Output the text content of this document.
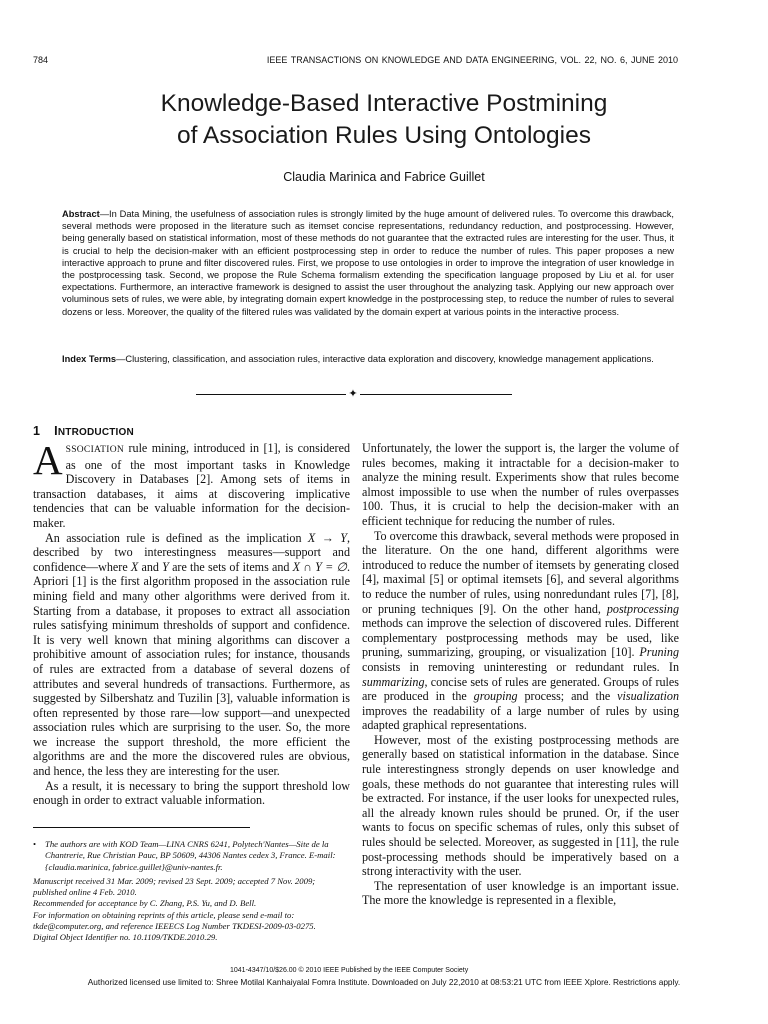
784	IEEE TRANSACTIONS ON KNOWLEDGE AND DATA ENGINEERING, VOL. 22, NO. 6, JUNE 2010
Knowledge-Based Interactive Postmining
of Association Rules Using Ontologies
Claudia Marinica and Fabrice Guillet
Abstract—In Data Mining, the usefulness of association rules is strongly limited by the huge amount of delivered rules. To overcome this drawback, several methods were proposed in the literature such as itemset concise representations, redundancy reduction, and postprocessing. However, being generally based on statistical information, most of these methods do not guarantee that the extracted rules are interesting for the user. Thus, it is crucial to help the decision-maker with an efficient postprocessing step in order to reduce the number of rules. This paper proposes a new interactive approach to prune and filter discovered rules. First, we propose to use ontologies in order to improve the integration of user knowledge in the postprocessing task. Second, we propose the Rule Schema formalism extending the specification language proposed by Liu et al. for user expectations. Furthermore, an interactive framework is designed to assist the user throughout the analyzing task. Applying our new approach over voluminous sets of rules, we were able, by integrating domain expert knowledge in the postprocessing step, to reduce the number of rules to several dozens or less. Moreover, the quality of the filtered rules was validated by the domain expert at various points in the interactive process.
Index Terms—Clustering, classification, and association rules, interactive data exploration and discovery, knowledge management applications.
✦
1 INTRODUCTION

ASSOCIATION rule mining, introduced in [1], is considered as one of the most important tasks in Knowledge Discovery in Databases [2]. Among sets of items in transaction databases, it aims at discovering implicative tendencies that can be valuable information for the decision-maker.

An association rule is defined as the implication X → Y, described by two interestingness measures—support and confidence—where X and Y are the sets of items and X ∩ Y = ∅. Apriori [1] is the first algorithm proposed in the association rule mining field and many other algorithms were derived from it. Starting from a database, it proposes to extract all association rules satisfying minimum thresholds of support and confidence. It is very well known that mining algorithms can discover a prohibitive amount of association rules; for instance, thousands of rules are extracted from a database of several dozens of attributes and several hundreds of transactions. Furthermore, as suggested by Silbershatz and Tuzilin [3], valuable information is often represented by those rare—low support—and unexpected association rules which are surprising to the user. So, the more we increase the support threshold, the more efficient the algorithms are and the more the discovered rules are obvious, and hence, the less they are interesting for the user.

As a result, it is necessary to bring the support threshold low enough in order to extract valuable information.

• The authors are with KOD Team—LINA CNRS 6241, Polytech'Nantes—Site de la Chantrerie, Rue Christian Pauc, BP 50609, 44306 Nantes cedex 3, France. E-mail: {claudia.marinica, fabrice.guillet}@univ-nantes.fr.

Manuscript received 31 Mar. 2009; revised 23 Sept. 2009; accepted 7 Nov. 2009; published online 4 Feb. 2010.

Recommended for acceptance by C. Zhang, P.S. Yu, and D. Bell.

For information on obtaining reprints of this article, please send e-mail to: tkde@computer.org, and reference IEEECS Log Number TKDESI-2009-03-0275.

Digital Object Identifier no. 10.1109/TKDE.2010.29.

Unfortunately, the lower the support is, the larger the volume of rules becomes, making it intractable for a decision-maker to analyze the mining result. Experiments show that rules become almost impossible to use when the number of rules overpasses 100. Thus, it is crucial to help the decision-maker with an efficient technique for reducing the number of rules.

To overcome this drawback, several methods were proposed in the literature. On the one hand, different algorithms were introduced to reduce the number of itemsets by generating closed [4], maximal [5] or optimal itemsets [6], and several algorithms to reduce the number of rules, using nonredundant rules [7], [8], or pruning techniques [9]. On the other hand, postprocessing methods can improve the selection of discovered rules. Different complementary postprocessing methods may be used, like pruning, summarizing, grouping, or visualization [10]. Pruning consists in removing uninteresting or redundant rules. In summarizing, concise sets of rules are generated. Groups of rules are produced in the grouping process; and the visualization improves the readability of a large number of rules by using adapted graphical representations.

However, most of the existing postprocessing methods are generally based on statistical information in the database. Since rule interestingness strongly depends on user knowledge and goals, these methods do not guarantee that interesting rules will be extracted. For instance, if the user looks for unexpected rules, all the already known rules should be pruned. Or, if the user wants to focus on specific schemas of rules, only this subset of rules should be selected. Moreover, as suggested in [11], the rule post-processing methods should be imperatively based on a strong interactivity with the user.

The representation of user knowledge is an important issue. The more the knowledge is represented in a flexible,

1041-4347/10/$26.00 © 2010 IEEE Published by the IEEE Computer Society
Authorized licensed use limited to: Shree Motilal Kanhaiyalal Fomra Institute. Downloaded on July 22,2010 at 08:53:21 UTC from IEEE Xplore. Restrictions apply.
